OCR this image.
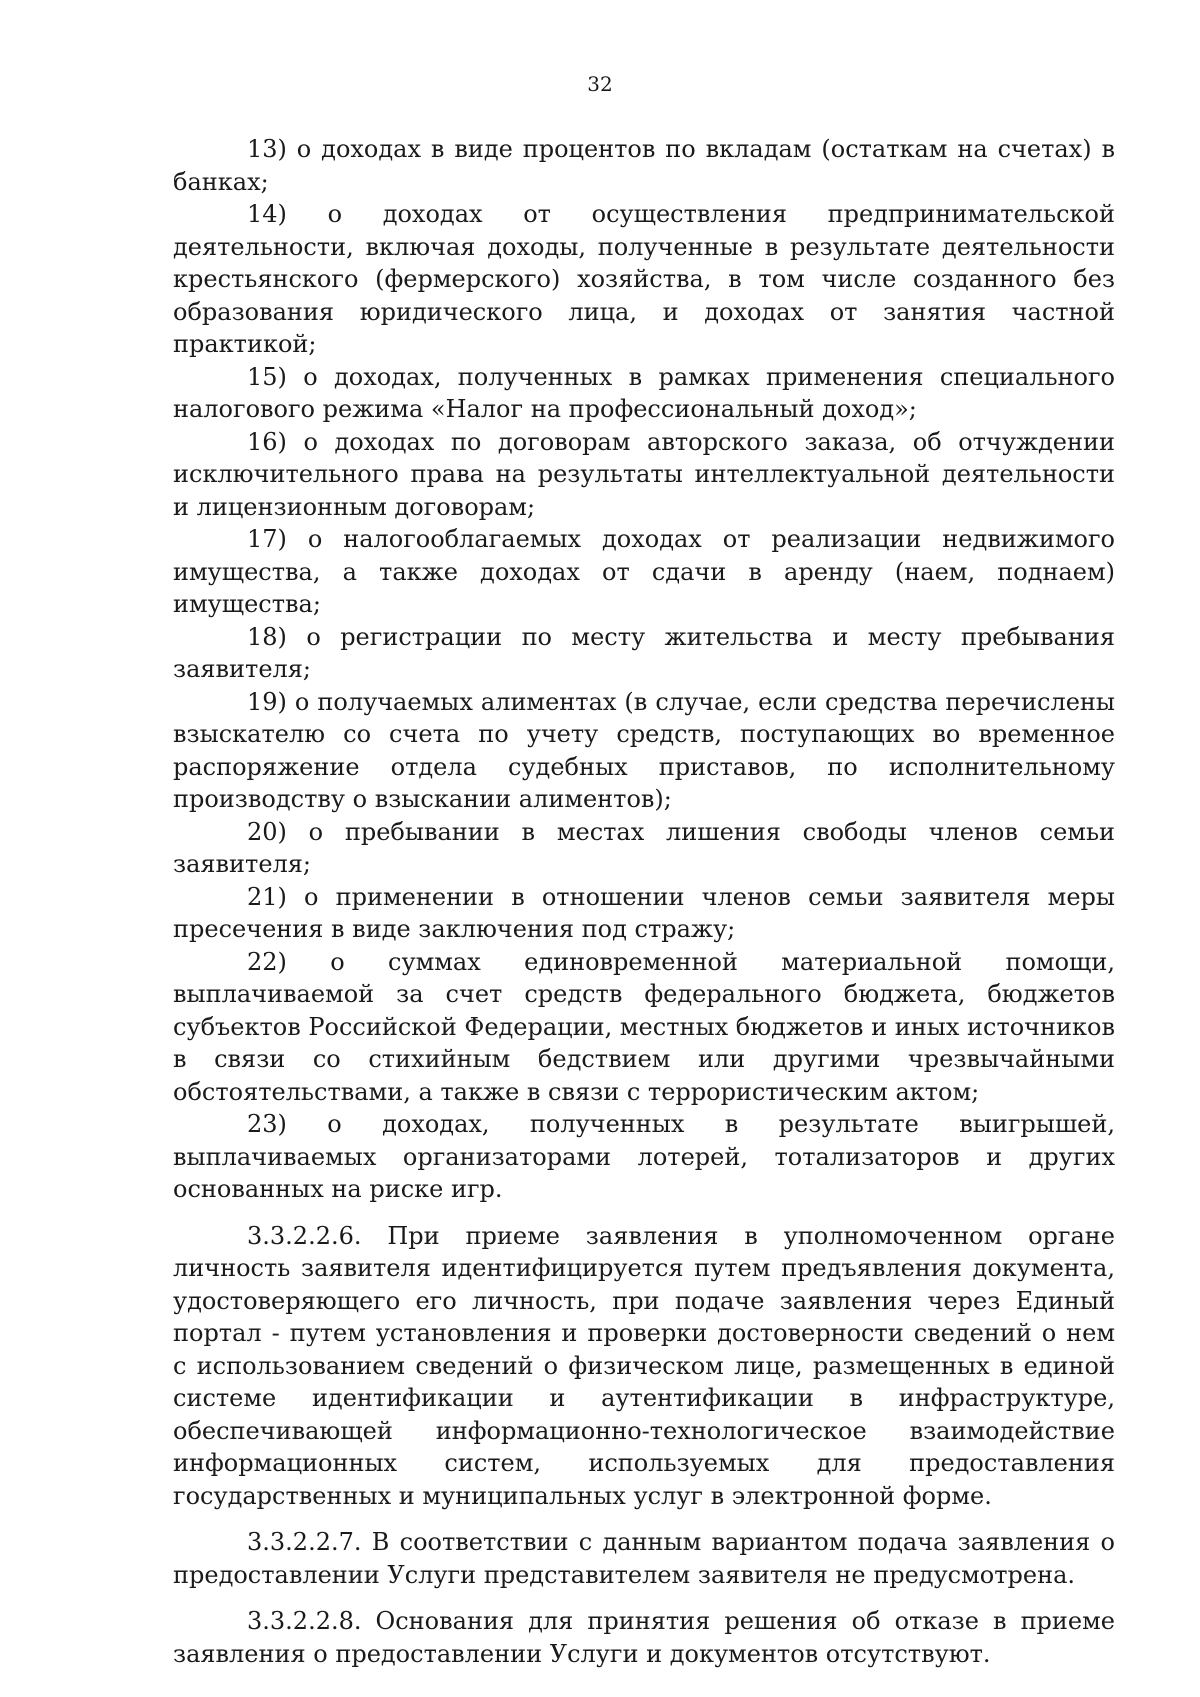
32

13) о доходах в виде процентов по вкладам (остаткам на счетах) в банках;

14) о доходах от осуществления предпринимательской деятельности, включая доходы, полученные в результате деятельности крестьянского (фермерского) хозяйства, в том числе созданного без образования юридического лица, и доходах от занятия частной практикой;

15) о доходах, полученных в рамках применения специального налогового режима «Налог на профессиональный доход»;

16) о доходах по договорам авторского заказа, об отчуждении исключительного права на результаты интеллектуальной деятельности и лицензионным договорам;

17) о налогооблагаемых доходах от реализации недвижимого имущества, а также доходах от сдачи в аренду (наем, поднаем) имущества;

18) о регистрации по месту жительства и месту пребывания заявителя;

19) о получаемых алиментах (в случае, если средства перечислены взыскателю со счета по учету средств, поступающих во временное распоряжение отдела судебных приставов, по исполнительному производству о взыскании алиментов);

20) о пребывании в местах лишения свободы членов семьи заявителя;

21) о применении в отношении членов семьи заявителя меры пресечения в виде заключения под стражу;

22) о суммах единовременной материальной помощи, выплачиваемой за счет средств федерального бюджета, бюджетов субъектов Российской Федерации, местных бюджетов и иных источников в связи со стихийным бедствием или другими чрезвычайными обстоятельствами, а также в связи с террористическим актом;

23) о доходах, полученных в результате выигрышей, выплачиваемых организаторами лотерей, тотализаторов и других основанных на риске игр.

3.3.2.2.6. При приеме заявления в уполномоченном органе личность заявителя идентифицируется путем предъявления документа, удостоверяющего его личность, при подаче заявления через Единый портал - путем установления и проверки достоверности сведений о нем с использованием сведений о физическом лице, размещенных в единой системе идентификации и аутентификации в инфраструктуре, обеспечивающей информационно-технологическое взаимодействие информационных систем, используемых для предоставления государственных и муниципальных услуг в электронной форме.

3.3.2.2.7. В соответствии с данным вариантом подача заявления о предоставлении Услуги представителем заявителя не предусмотрена.

3.3.2.2.8. Основания для принятия решения об отказе в приеме заявления о предоставлении Услуги и документов отсутствуют.
